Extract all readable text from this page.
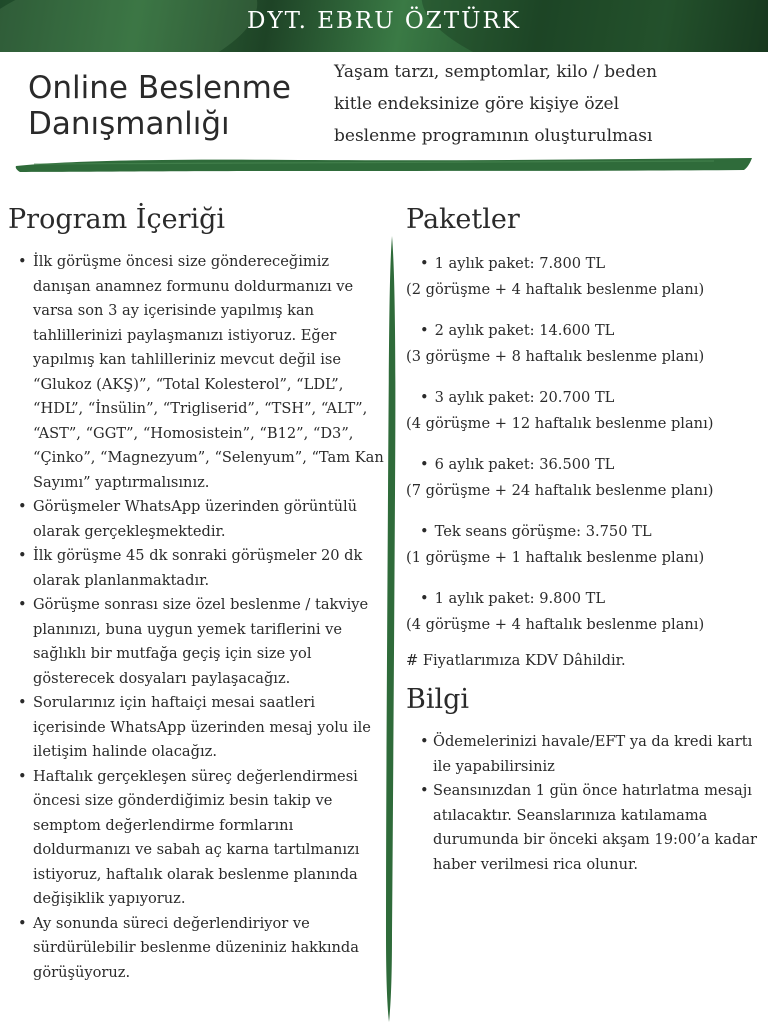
DYT. EBRU ÖZTÜRK
Online Beslenme
Danışmanlığı
Yaşam tarzı, semptomlar, kilo / beden
kitle endeksinize göre kişiye özel
beslenme programının oluşturulması
Program İçeriği
• İlk görüşme öncesi size göndereceğimiz danışan anamnez formunu doldurmanızı ve varsa son 3 ay içerisinde yapılmış kan tahlillerinizi paylaşmanızı istiyoruz. Eğer yapılmış kan tahlilleriniz mevcut değil ise “Glukoz (AKŞ)”, “Total Kolesterol”, “LDL”, “HDL”, “İnsülin”, “Trigliserid”, “TSH”, “ALT”, “AST”, “GGT”, “Homosistein”, “B12”, “D3”, “Çinko”, “Magnezyum”, “Selenyum”, “Tam Kan Sayımı” yaptırmalısınız.
• Görüşmeler WhatsApp üzerinden görüntülü olarak gerçekleşmektedir.
• İlk görüşme 45 dk sonraki görüşmeler 20 dk olarak planlanmaktadır.
• Görüşme sonrası size özel beslenme / takviye planınızı, buna uygun yemek tariflerini ve sağlıklı bir mutfağa geçiş için size yol gösterecek dosyaları paylaşacağız.
• Sorularınız için haftaiçi mesai saatleri içerisinde WhatsApp üzerinden mesaj yolu ile iletişim halinde olacağız.
• Haftalık gerçekleşen süreç değerlendirmesi öncesi size gönderdiğimiz besin takip ve semptom değerlendirme formlarını doldurmanızı ve sabah aç karna tartılmanızı istiyoruz, haftalık olarak beslenme planında değişiklik yapıyoruz.
• Ay sonunda süreci değerlendiriyor ve sürdürülebilir beslenme düzeniniz hakkında görüşüyoruz.
Paketler
• 1 aylık paket: 7.800 TL
(2 görüşme + 4 haftalık beslenme planı)
• 2 aylık paket: 14.600 TL
(3 görüşme + 8 haftalık beslenme planı)
• 3 aylık paket: 20.700 TL
(4 görüşme + 12 haftalık beslenme planı)
• 6 aylık paket: 36.500 TL
(7 görüşme + 24 haftalık beslenme planı)
• Tek seans görüşme: 3.750 TL
(1 görüşme + 1 haftalık beslenme planı)
• 1 aylık paket: 9.800 TL
(4 görüşme + 4 haftalık beslenme planı)
# Fiyatlarımıza KDV Dâhildir.
Bilgi
• Ödemelerinizi havale/EFT ya da kredi kartı ile yapabilirsiniz
• Seansınızdan 1 gün önce hatırlatma mesajı atılacaktır. Seanslarınıza katılamama durumunda bir önceki akşam 19:00’a kadar haber verilmesi rica olunur.
